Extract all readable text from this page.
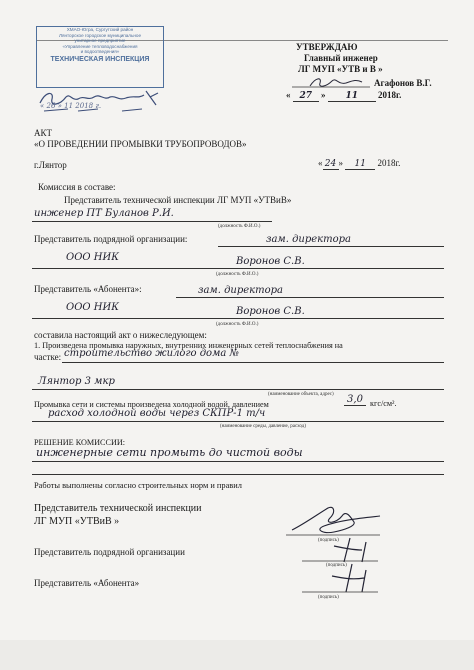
ХМАО-Югра, Сургутский район
Лянторское городское муниципальное
унитарное предприятие
«Управление тепловодоснабжения
и водоотведения»
ТЕХНИЧЕСКАЯ ИНСПЕКЦИЯ
« 26 » 11 2018 г.
УТВЕРЖДАЮ
Главный инженер
ЛГ МУП «УТВ и В »
Агафонов В.Г.
« 27 » 11 2018г.
АКТ
«О ПРОВЕДЕНИИ ПРОМЫВКИ ТРУБОПРОВОДОВ»
г.Лянтор	« 24 » 11 2018г.
Комиссия в составе:
Представитель технической инспекции ЛГ МУП «УТВиВ»
инженер ПТ Буланов Р.И.
(должность Ф.И.О.)
Представитель подрядной организации:	зам. директора
ООО НИК	Воронов С.В.
(должность Ф.И.О.)
Представитель «Абонента»:	зам. директора
ООО НИК	Воронов С.В.
(должность Ф.И.О.)
составила настоящий акт о нижеследующем:
1. Произведена промывка наружных, внутренних инженерных сетей теплоснабжения на
частке: строительство жилого дома №
Лянтор 3 мкр
(наименование объекта, адрес)
Промывка сети и системы произведена холодной водой, давлением	3,0 кгс/см².
расход холодной воды через СКПР-1 т/ч
(наименование среды, давление, расход)
РЕШЕНИЕ КОМИССИИ:
инженерные сети промыть до чистой воды
Работы выполнены согласно строительных норм и правил
Представитель технической инспекции
ЛГ МУП «УТВиВ »
(подпись)
Представитель подрядной организации
(подпись)
Представитель «Абонента»
(подпись)
